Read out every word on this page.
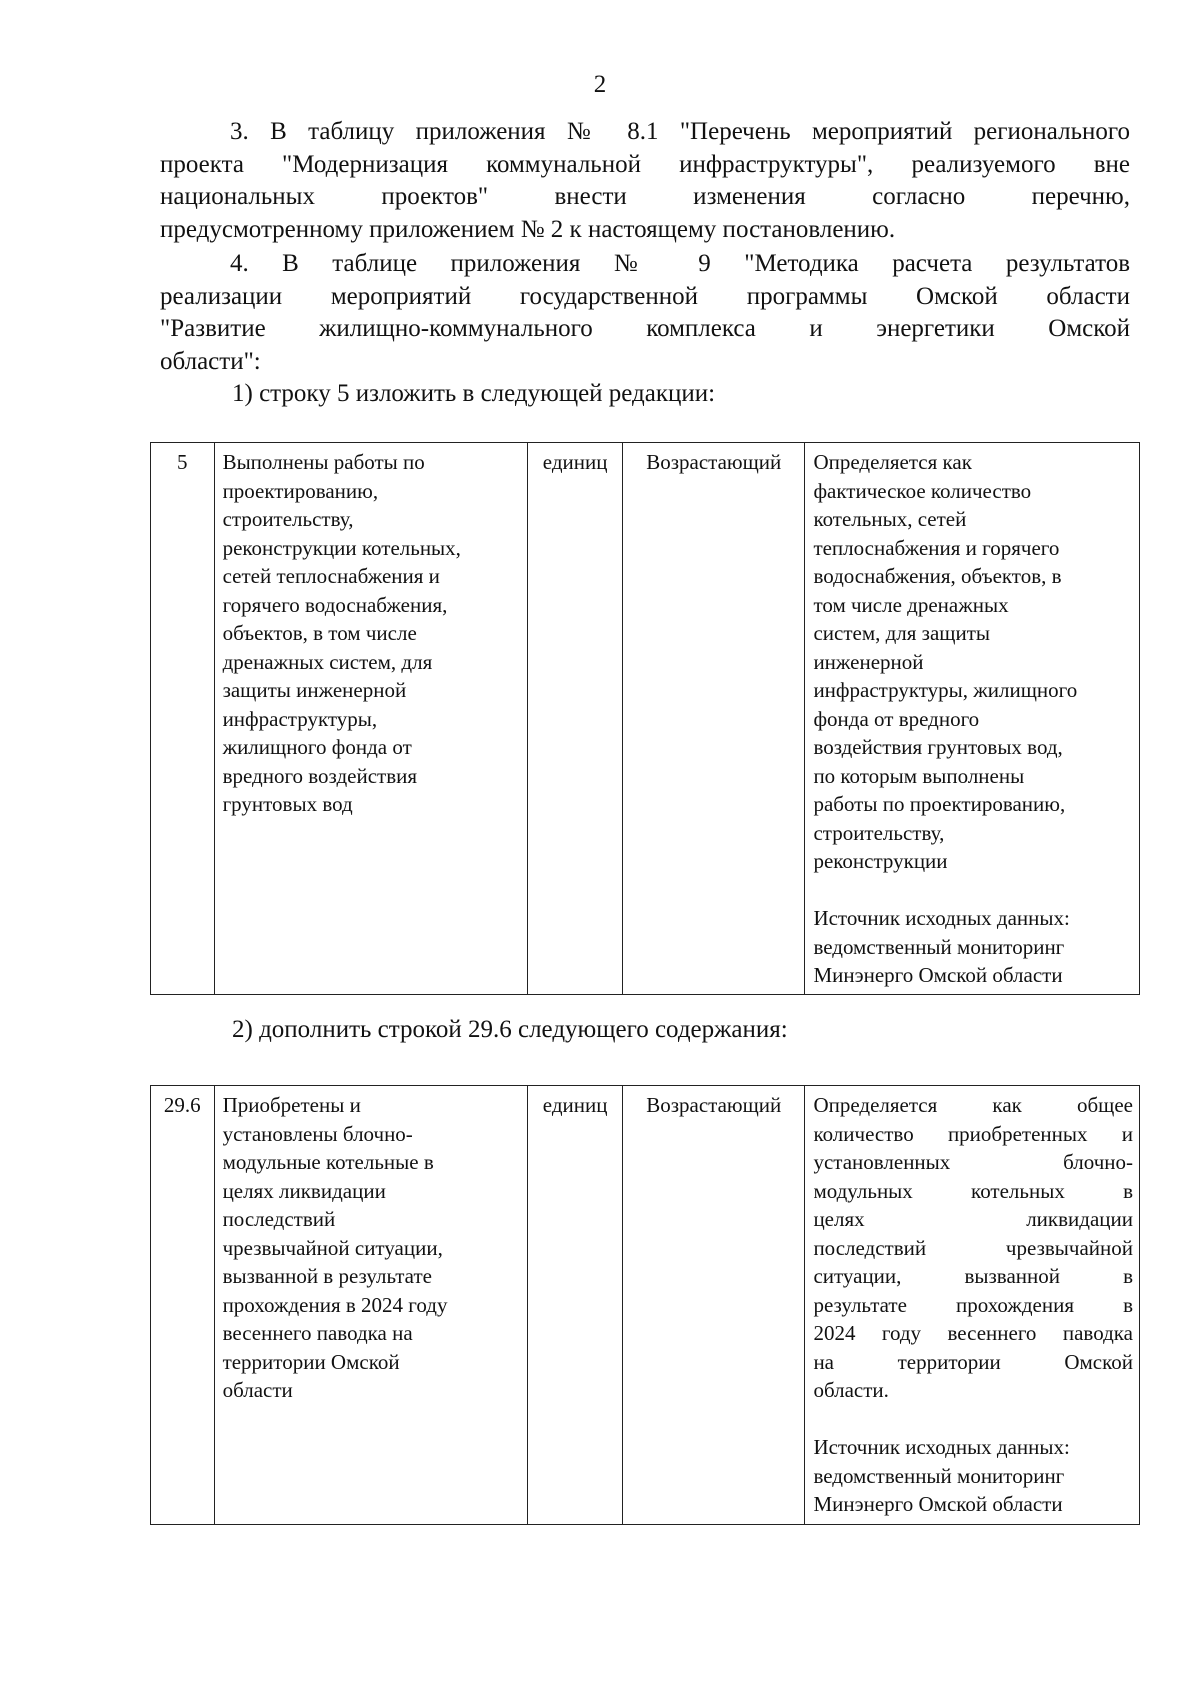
2
3. В таблицу приложения № 8.1 "Перечень мероприятий регионального
проекта "Модернизация коммунальной инфраструктуры", реализуемого вне
национальных проектов" внести изменения согласно перечню,
предусмотренному приложением № 2 к настоящему постановлению.
4. В таблице приложения № 9 "Методика расчета результатов
реализации мероприятий государственной программы Омской области
"Развитие жилищно-коммунального комплекса и энергетики Омской
области":
1) строку 5 изложить в следующей редакции:
5	Выполнены работы по
проектированию,
строительству,
реконструкции котельных,
сетей теплоснабжения и
горячего водоснабжения,
объектов, в том числе
дренажных систем, для
защиты инженерной
инфраструктуры,
жилищного фонда от
вредного воздействия
грунтовых вод
	единиц	Возрастающий	Определяется как
фактическое количество
котельных, сетей
теплоснабжения и горячего
водоснабжения, объектов, в
том числе дренажных
систем, для защиты
инженерной
инфраструктуры, жилищного
фонда от вредного
воздействия грунтовых вод,
по которым выполнены
работы по проектированию,
строительству,
реконструкции
Источник исходных данных:
ведомственный мониторинг
Минэнерго Омской области
2) дополнить строкой 29.6 следующего содержания:
29.6	Приобретены и
установлены блочно-
модульные котельные в
целях ликвидации
последствий
чрезвычайной ситуации,
вызванной в результате
прохождения в 2024 году
весеннего паводка на
территории Омской
области
	единиц	Возрастающий	Определяется как общее
количество приобретенных и
установленных блочно-
модульных котельных в
целях ликвидации
последствий чрезвычайной
ситуации, вызванной в
результате прохождения в
2024 году весеннего паводка
на территории Омской
области.
Источник исходных данных:
ведомственный мониторинг
Минэнерго Омской области
